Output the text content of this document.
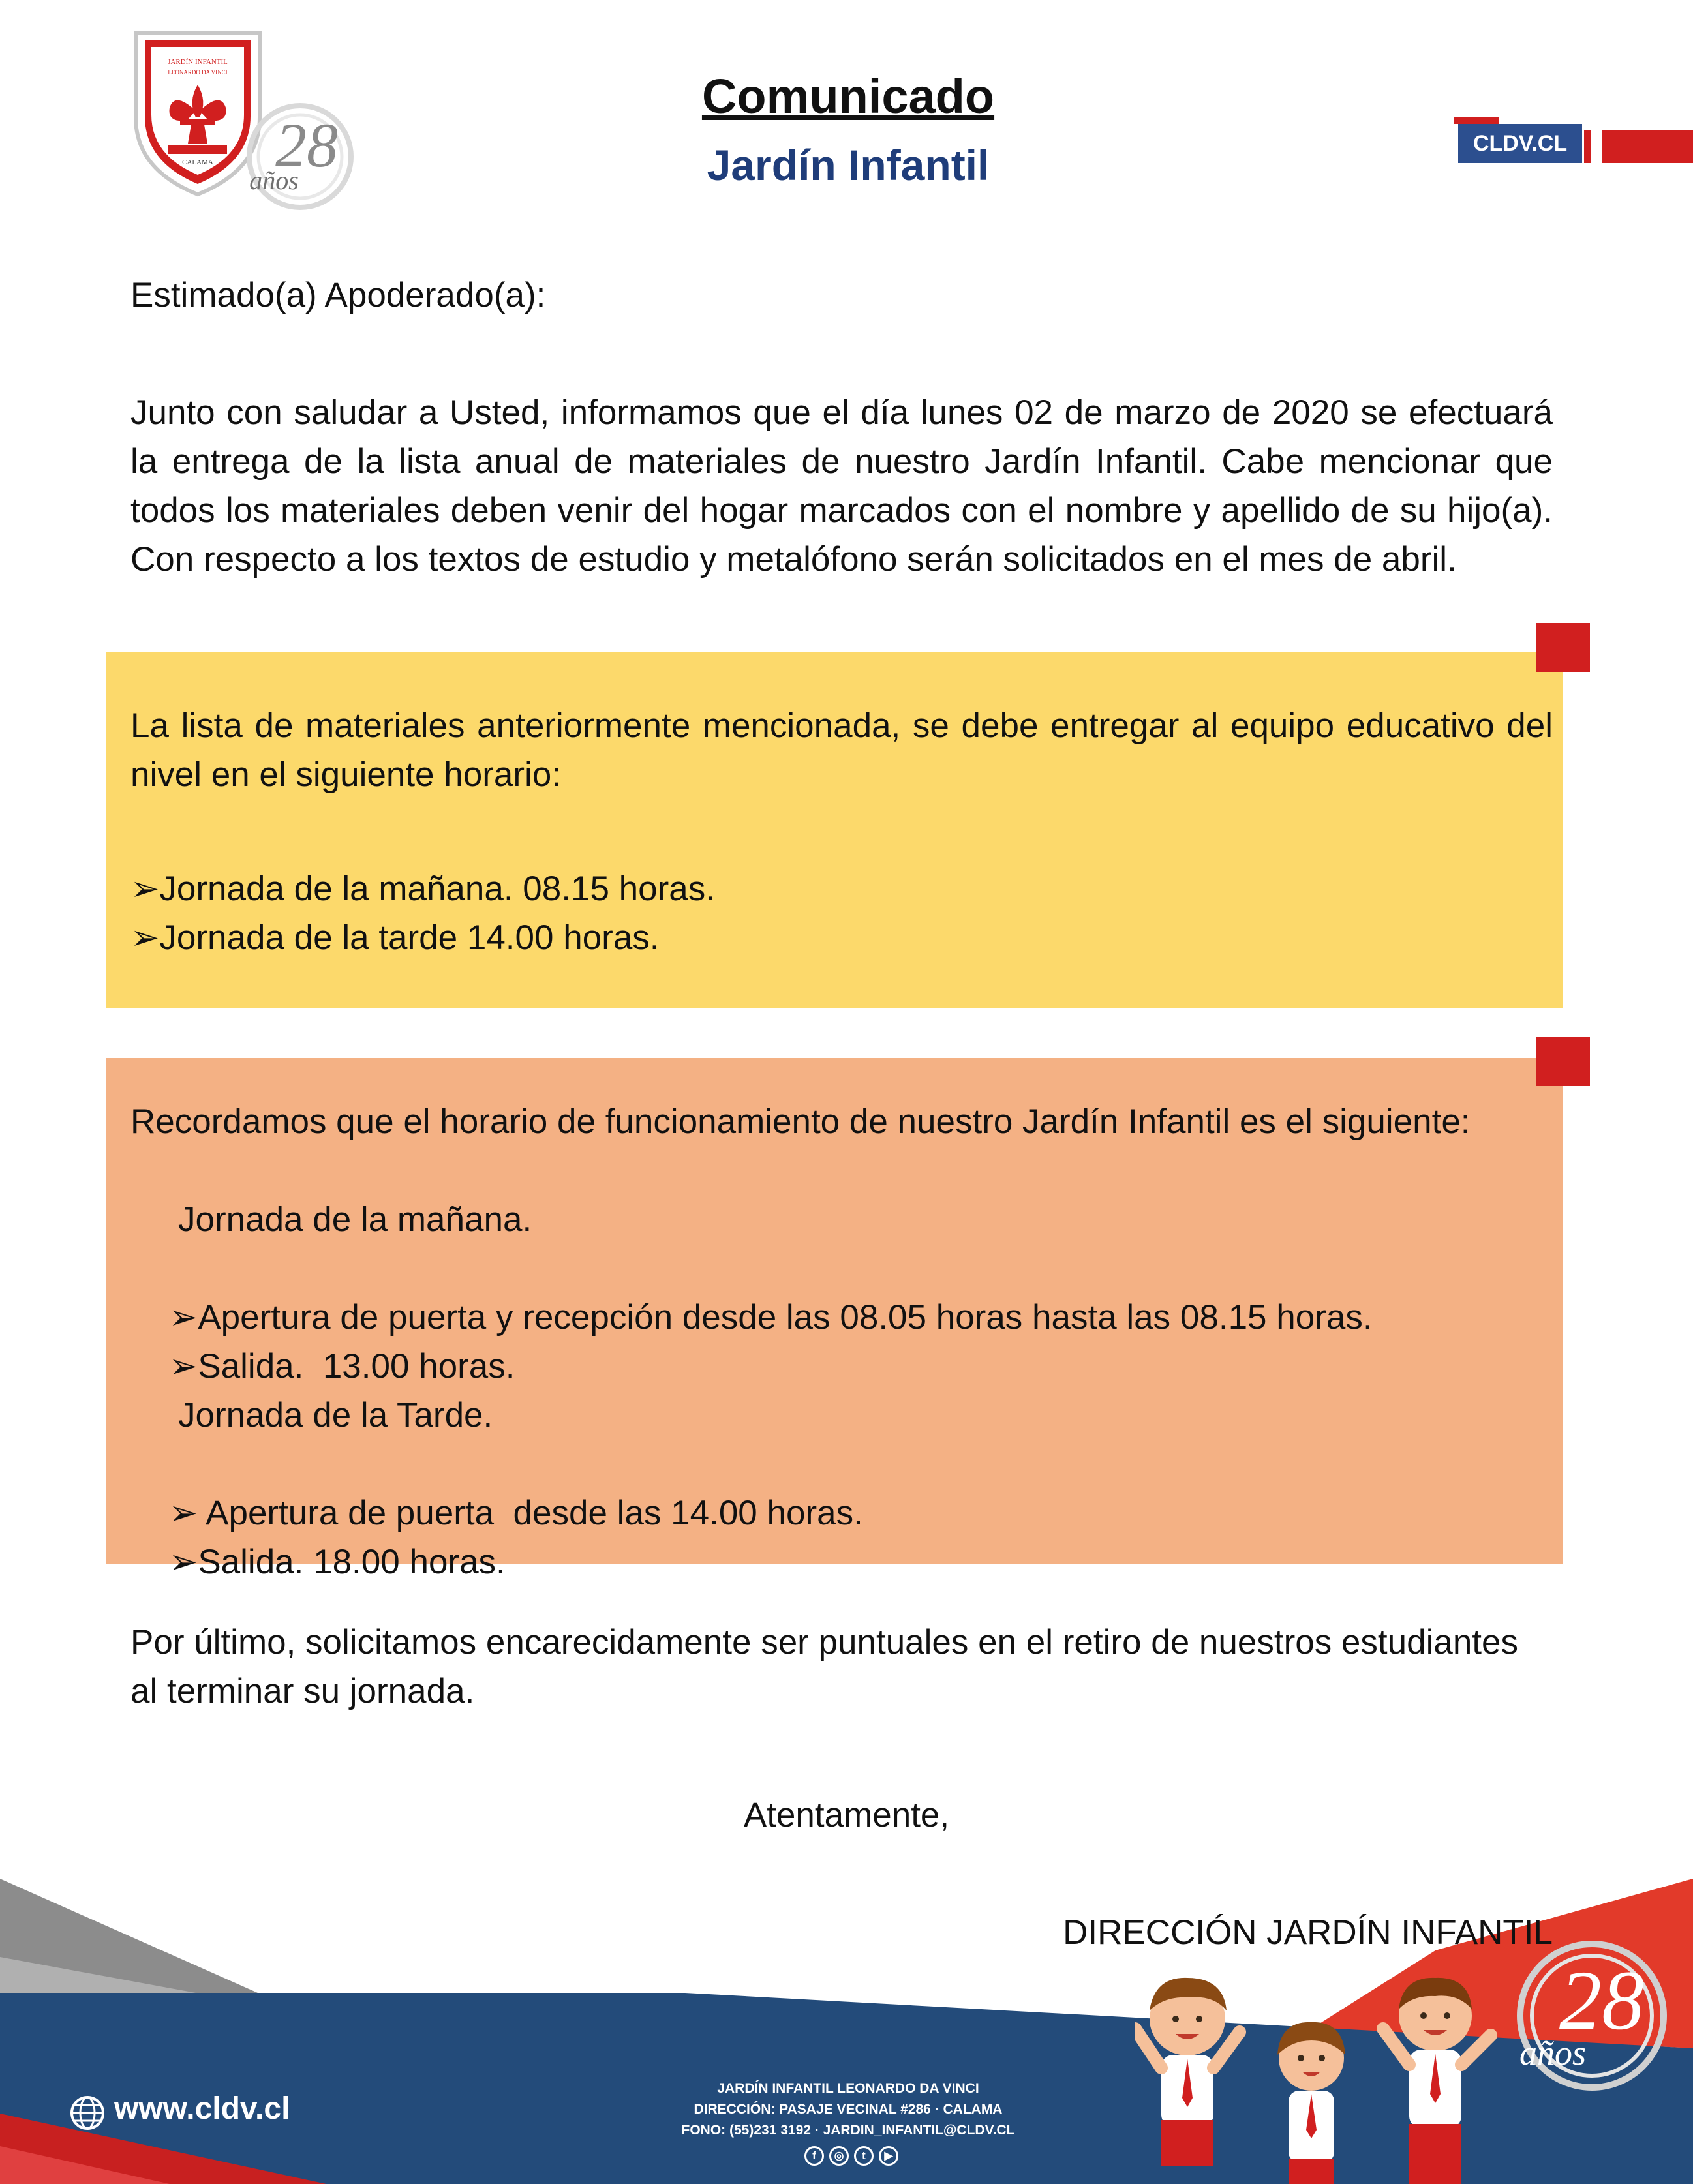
JARDÍN INFANTIL
LEONARDO DA VINCI
CALAMA 28
años
Comunicado
Jardín Infantil	CLDV.CL
Estimado(a) Apoderado(a):
Junto con saludar a Usted, informamos que el día lunes 02 de marzo de 2020 se efectuará la entrega de la lista anual de materiales de nuestro Jardín Infantil. Cabe mencionar que todos los materiales deben venir del hogar marcados con el nombre y apellido de su hijo(a). Con respecto a los textos de estudio y metalófono serán solicitados en el mes de abril.
La lista de materiales anteriormente mencionada, se debe entregar al equipo educativo del nivel en el siguiente horario:
➢Jornada de la mañana. 08.15 horas.
➢Jornada de la tarde 14.00 horas.
Recordamos que el horario de funcionamiento de nuestro Jardín Infantil es el siguiente:
Jornada de la mañana.

➢Apertura de puerta y recepción desde las 08.05 horas hasta las 08.15 horas.

➢Salida.  13.00 horas.

Jornada de la Tarde.

➢ Apertura de puerta  desde las 14.00 horas.

➢Salida. 18.00 horas.

Por último, solicitamos encarecidamente ser puntuales en el retiro de nuestros estudiantes al terminar su jornada.
Atentamente,
DIRECCIÓN JARDÍN INFANTIL
www.cldv.cl
JARDÍN INFANTIL LEONARDO DA VINCI
DIRECCIÓN: PASAJE VECINAL #286 · CALAMA
FONO: (55)231 3192 · JARDIN_INFANTIL@CLDV.CL
f	◎	t	▶
28
años
